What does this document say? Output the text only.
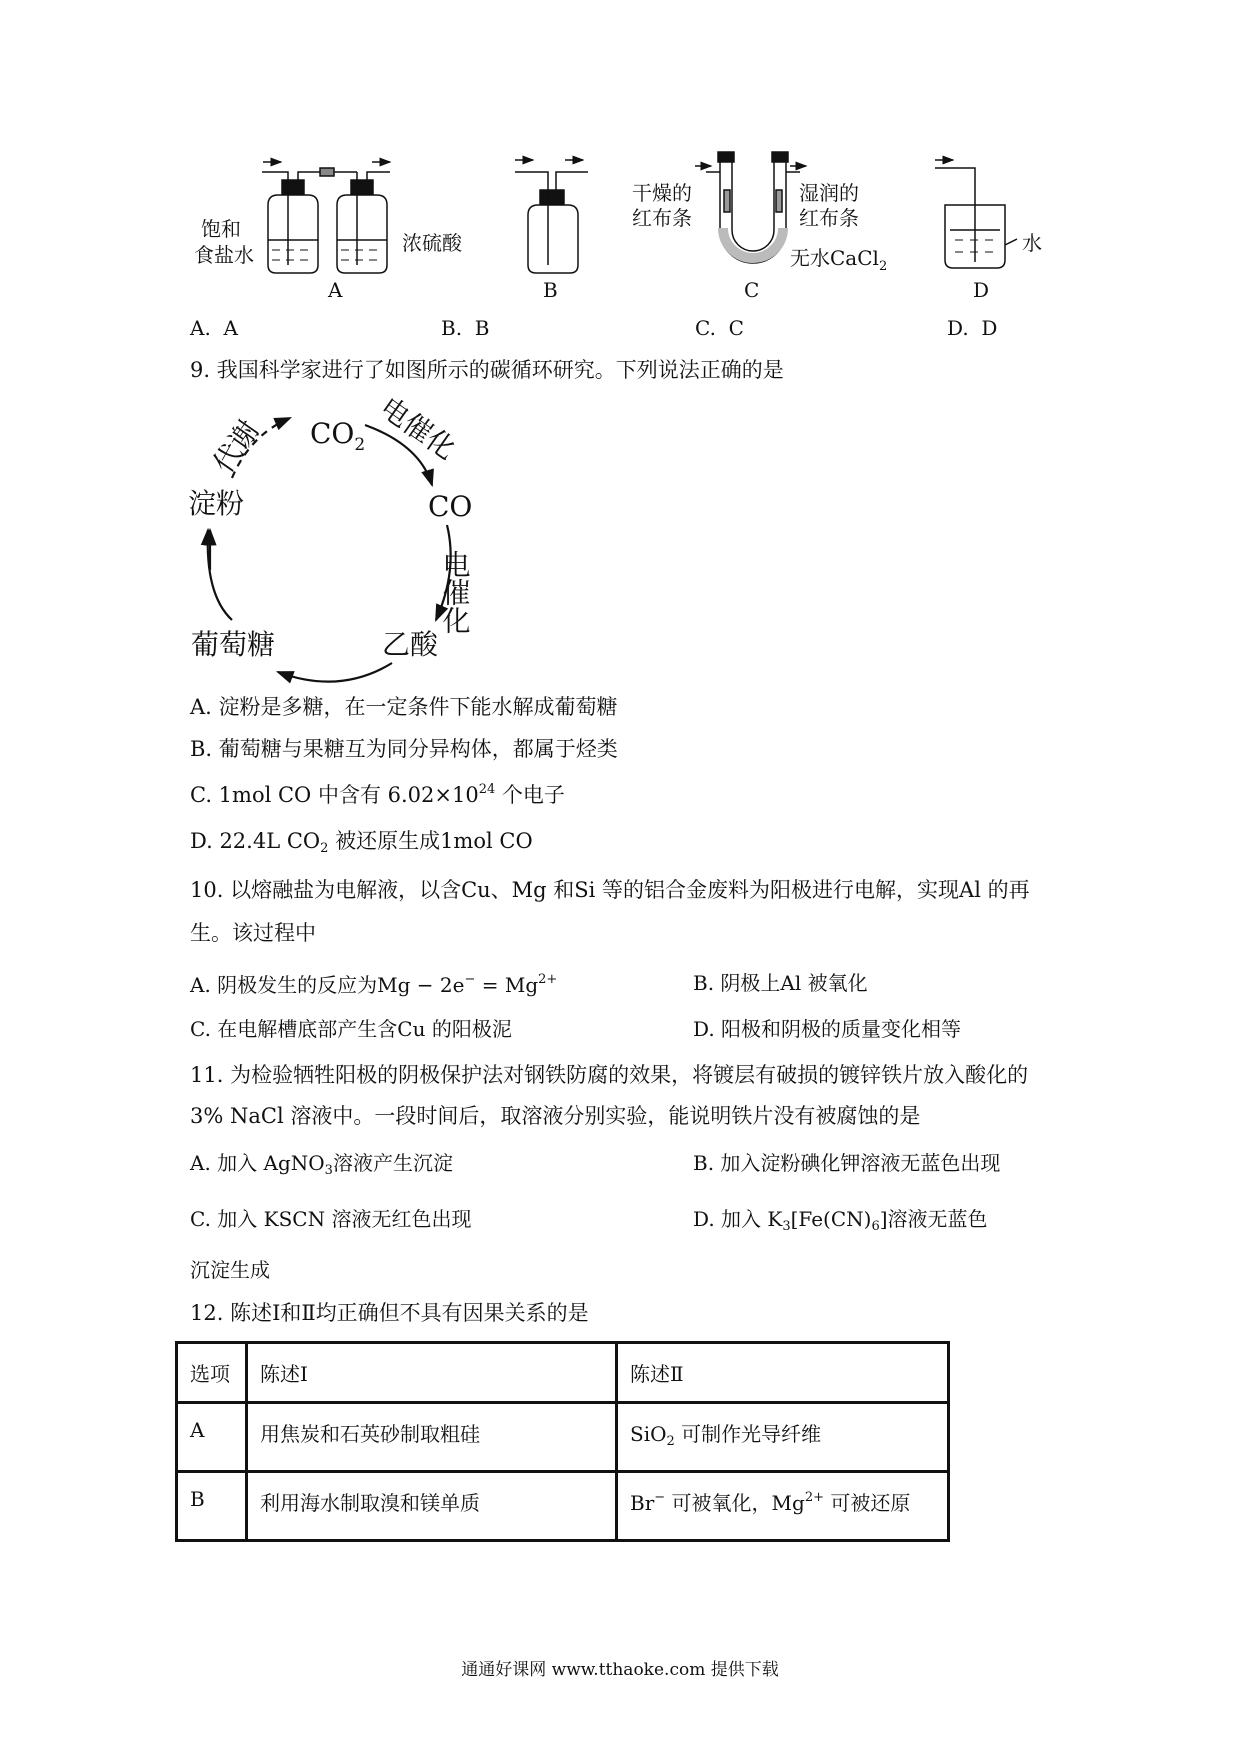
饱和
食盐水	浓硫酸
干燥的
红布条
湿润的
红布条
无水CaCl$_2$
水
A	B	C	D
A. A	B. B	C. C	D. D
9. 我国科学家进行了如图所示的碳循环研究。下列说法正确的是
$CO_2$
CO
淀粉
葡萄糖	乙酸
代谢	电催化
电催化
A. 淀粉是多糖，在一定条件下能水解成葡萄糖
B. 葡萄糖与果糖互为同分异构体，都属于烃类
C. 1mol CO 中含有 $6.02\times 10^{24}$ 个电子
D. 22.4L $CO_2$ 被还原生成1mol CO
10. 以熔融盐为电解液，以含Cu、Mg 和Si 等的铝合金废料为阳极进行电解，实现Al 的再
生。该过程中
A. 阴极发生的反应为$Mg - 2e^- = Mg^{2+}$	B. 阴极上Al 被氧化
C. 在电解槽底部产生含Cu 的阳极泥	D. 阳极和阴极的质量变化相等
11. 为检验牺牲阳极的阴极保护法对钢铁防腐的效果，将镀层有破损的镀锌铁片放入酸化的
3% NaCl 溶液中。一段时间后，取溶液分别实验，能说明铁片没有被腐蚀的是
A. 加入 AgNO$_3$溶液产生沉淀	B. 加入淀粉碘化钾溶液无蓝色出现
C. 加入 KSCN 溶液无红色出现	D. 加入 $K_3[Fe(CN)_6]$溶液无蓝色
沉淀生成
12. 陈述Ⅰ和Ⅱ均正确但不具有因果关系的是
选项	陈述Ⅰ	陈述Ⅱ
A	用焦炭和石英砂制取粗硅	SiO$_2$ 可制作光导纤维
B	利用海水制取溴和镁单质	Br− 可被氧化，$Mg^{2+}$ 可被还原
通通好课网 www.tthaoke.com 提供下载
